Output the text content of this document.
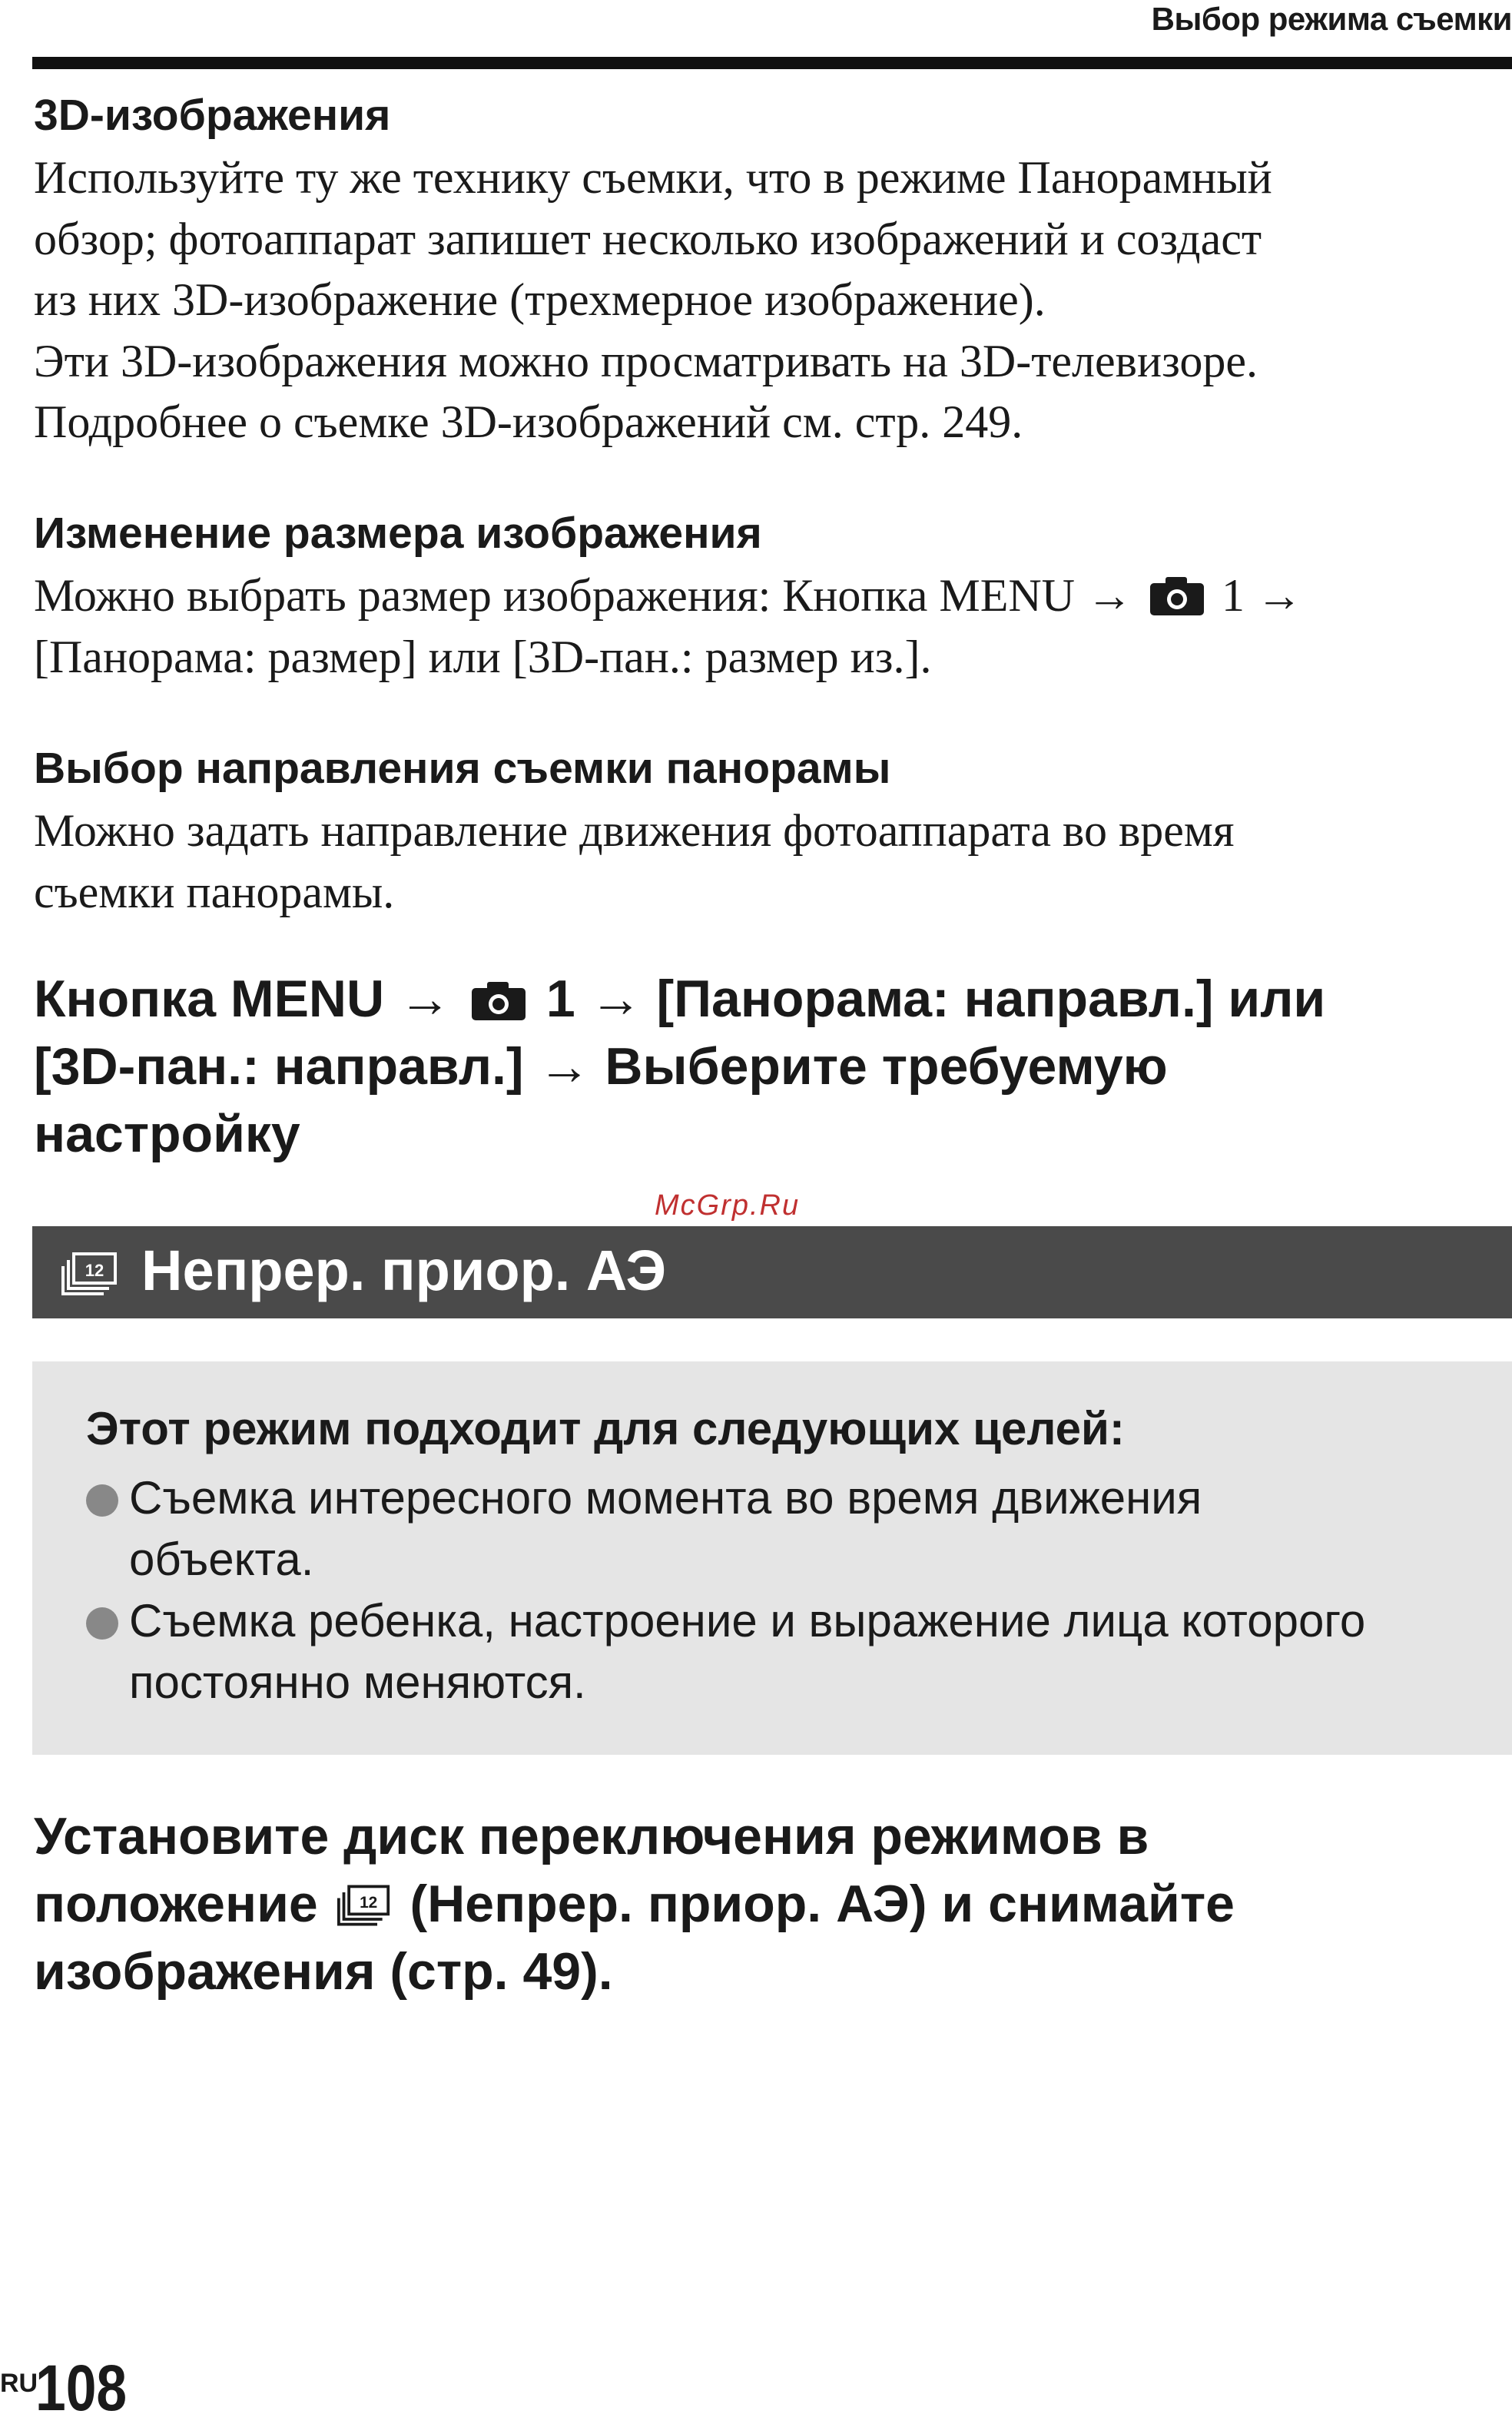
Выбор режима съемки
3D-изображения
Используйте ту же технику съемки, что в режиме Панорамный
обзор; фотоаппарат запишет несколько изображений и создаст
из них 3D-изображение (трехмерное изображение).
Эти 3D-изображения можно просматривать на 3D-телевизоре.
Подробнее о съемке 3D-изображений см. стр. 249.
Изменение размера изображения
Можно выбрать размер изображения: Кнопка MENU → 1 →
[Панорама: размер] или [3D-пан.: размер из.].
Выбор направления съемки панорамы
Можно задать направление движения фотоаппарата во время
съемки панорамы.
Кнопка MENU → 1 → [Панорама: направл.] или
[3D-пан.: направл.] → Выберите требуемую
настройку
McGrp.Ru
12 Непрер. приор. АЭ
Этот режим подходит для следующих целей:
Съемка интересного момента во время движения
объекта.
Съемка ребенка, настроение и выражение лица которого
постоянно меняются.
Установите диск переключения режимов в
положение 12 (Непрер. приор. АЭ) и снимайте
изображения (стр. 49).
RU
108
